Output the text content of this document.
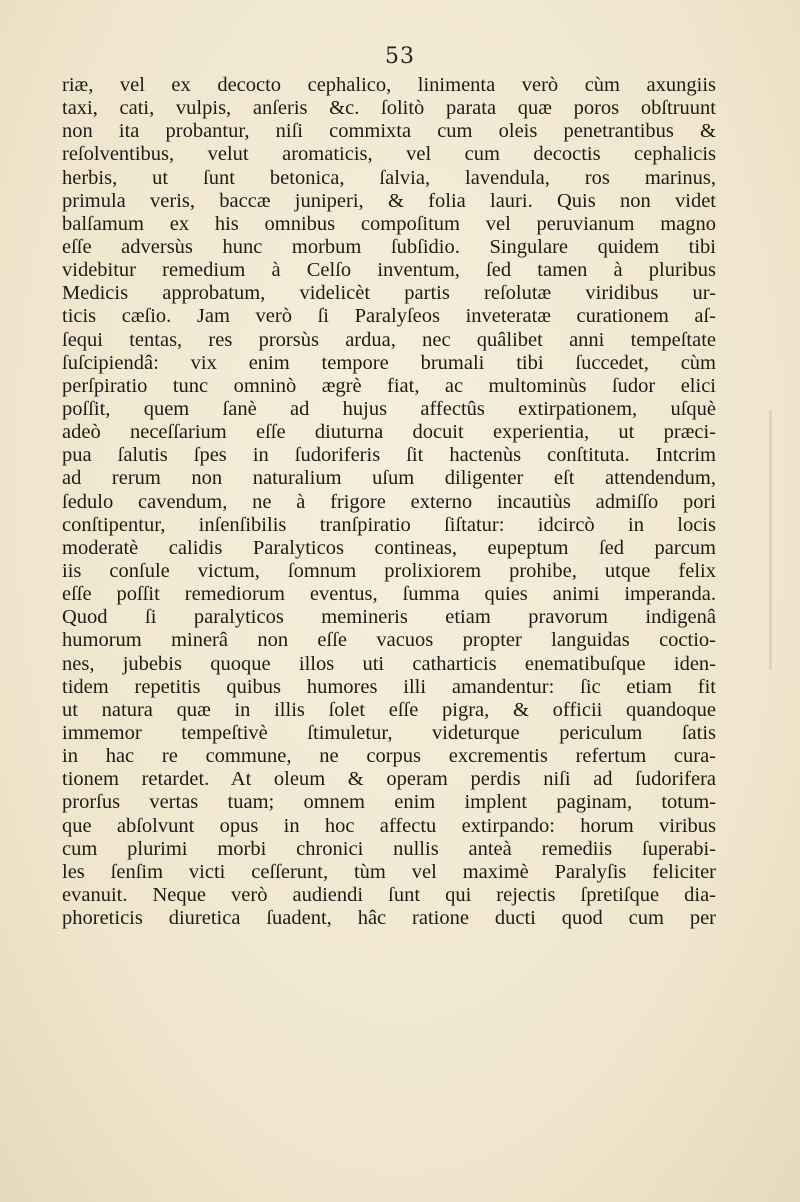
53
riæ, vel ex decocto cephalico, linimenta verò cùm axungiis
taxi, cati, vulpis, anſeris &c. ſolitò parata quæ poros obſtruunt
non ita probantur, niſi commixta cum oleis penetrantibus &
reſolventibus, velut aromaticis, vel cum decoctis cephalicis
herbis, ut ſunt betonica, ſalvia, lavendula, ros marinus,
primula veris, baccæ juniperi, & folia lauri. Quis non videt
balſamum ex his omnibus compoſitum vel peruvianum magno
eſſe adversùs hunc morbum ſubſidio. Singulare quidem tibi
videbitur remedium à Celſo inventum, ſed tamen à pluribus
Medicis approbatum, videlicèt partis reſolutæ viridibus ur-
ticis cæſio. Jam verò ſi Paralyſeos inveteratæ curationem aſ-
ſequi tentas, res prorsùs ardua, nec quâlibet anni tempeſtate
ſuſcipiendâ: vix enim tempore brumali tibi ſuccedet, cùm
perſpiratio tunc omninò ægrè fiat, ac multominùs ſudor elici
poſſit, quem ſanè ad hujus affectûs extirpationem, uſquè
adeò neceſſarium eſſe diuturna docuit experientia, ut præci-
pua ſalutis ſpes in ſudoriferis ſit hactenùs conſtituta. Intcrim
ad rerum non naturalium uſum diligenter eſt attendendum,
ſedulo cavendum, ne à frigore externo incautiùs admiſſo pori
conſtipentur, inſenſibilis tranſpiratio ſiſtatur: idcircò in locis
moderatè calidis Paralyticos contineas, eupeptum ſed parcum
iis conſule victum, ſomnum prolixiorem prohibe, utque felix
eſſe poſſit remediorum eventus, ſumma quies animi imperanda.
Quod ſi paralyticos memineris etiam pravorum indigenâ
humorum minerâ non eſſe vacuos propter languidas coctio-
nes, jubebis quoque illos uti catharticis enematibuſque iden-
tidem repetitis quibus humores illi amandentur: ſic etiam fit
ut natura quæ in illis ſolet eſſe pigra, & officii quandoque
immemor tempeſtivè ſtimuletur, videturque periculum ſatis
in hac re commune, ne corpus excrementis refertum cura-
tionem retardet. At oleum & operam perdis niſi ad ſudorifera
prorſus vertas tuam; omnem enim implent paginam, totum-
que abſolvunt opus in hoc affectu extirpando: horum viribus
cum plurimi morbi chronici nullis anteà remediis ſuperabi-
les ſenſim victi ceſſerunt, tùm vel maximè Paralyſis feliciter
evanuit. Neque verò audiendi ſunt qui rejectis ſpretiſque dia-
phoreticis diuretica ſuadent, hâc ratione ducti quod cum per
